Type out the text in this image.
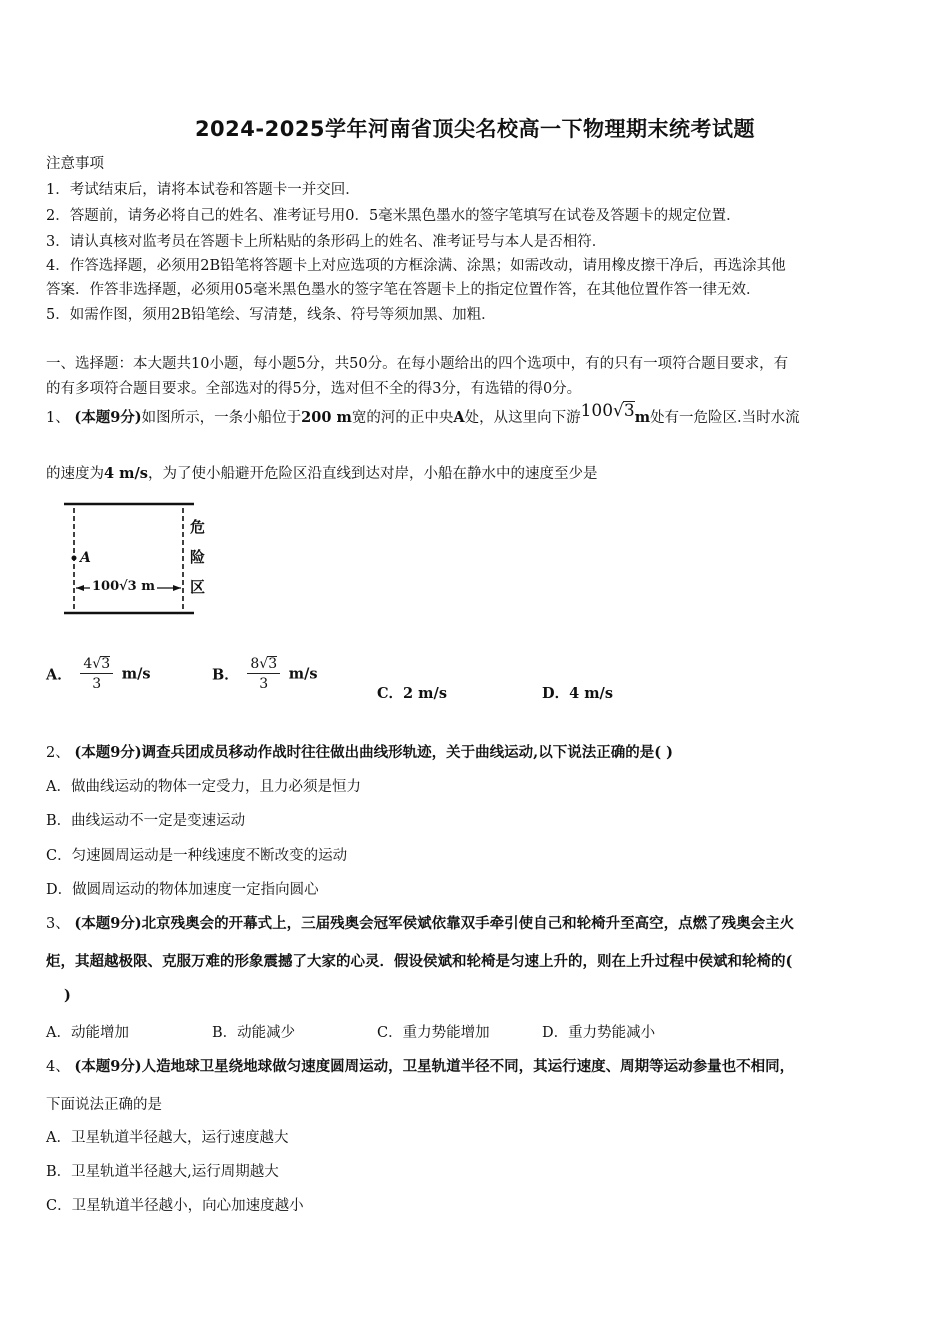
2024-2025学年河南省顶尖名校高一下物理期末统考试题
注意事项
1．考试结束后，请将本试卷和答题卡一并交回．
2．答题前，请务必将自己的姓名、准考证号用0．5毫米黑色墨水的签字笔填写在试卷及答题卡的规定位置．
3．请认真核对监考员在答题卡上所粘贴的条形码上的姓名、准考证号与本人是否相符．
4．作答选择题，必须用2B铅笔将答题卡上对应选项的方框涂满、涂黑；如需改动，请用橡皮擦干净后，再选涂其他
答案．作答非选择题，必须用05毫米黑色墨水的签字笔在答题卡上的指定位置作答，在其他位置作答一律无效．
5．如需作图，须用2B铅笔绘、写清楚，线条、符号等须加黑、加粗．
一、选择题：本大题共10小题，每小题5分，共50分。在每小题给出的四个选项中，有的只有一项符合题目要求，有
的有多项符合题目要求。全部选对的得5分，选对但不全的得3分，有选错的得0分。
1、 (本题9分)如图所示，一条小船位于200 m宽的河的正中央A处，从这里向下游100√3m处有一危险区.当时水流
的速度为4 m/s，为了使小船避开危险区沿直线到达对岸，小船在静水中的速度至少是
A
100√3 m
危
险
区
A． $\frac{4√3}{3} m/s$	B． $\frac{8√3}{3} m/s$
C．2 m/s	D．4 m/s
2、 (本题9分)调查兵团成员移动作战时往往做出曲线形轨迹，关于曲线运动,以下说法正确的是( )
A．做曲线运动的物体一定受力，且力必须是恒力
B．曲线运动不一定是变速运动
C．匀速圆周运动是一种线速度不断改变的运动
D．做圆周运动的物体加速度一定指向圆心
3、 (本题9分)北京残奥会的开幕式上，三届残奥会冠军侯斌依靠双手牵引使自己和轮椅升至高空，点燃了残奥会主火
炬，其超越极限、克服万难的形象震撼了大家的心灵．假设侯斌和轮椅是匀速上升的，则在上升过程中侯斌和轮椅的(
)
A．动能增加	B．动能减少	C．重力势能增加	D．重力势能减小
4、 (本题9分)人造地球卫星绕地球做匀速度圆周运动，卫星轨道半径不同，其运行速度、周期等运动参量也不相同，
下面说法正确的是
A．卫星轨道半径越大，运行速度越大
B．卫星轨道半径越大,运行周期越大
C．卫星轨道半径越小，向心加速度越小
